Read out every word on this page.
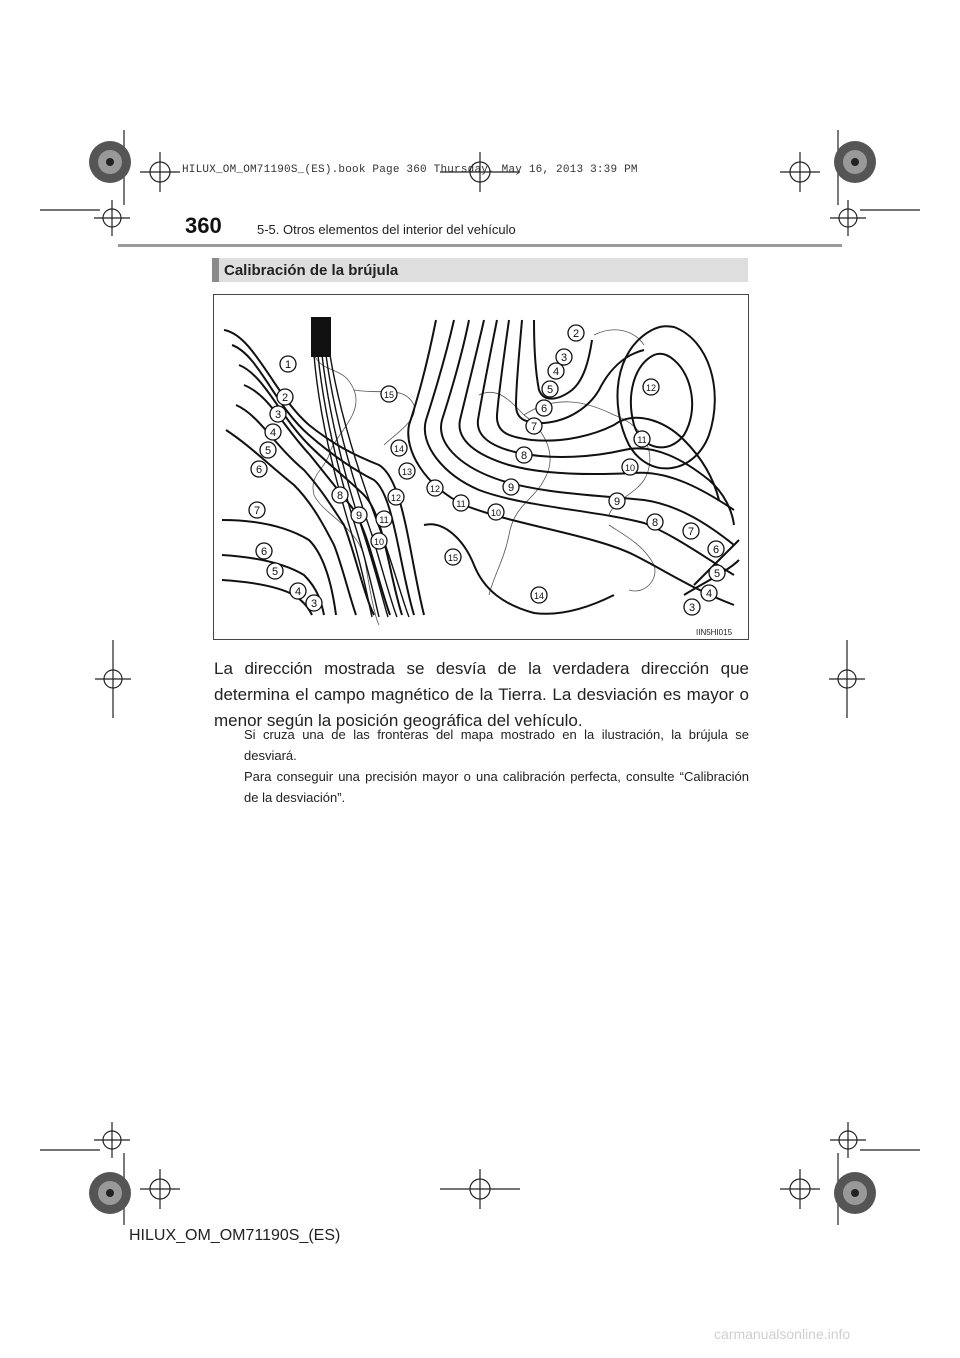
HILUX_OM_OM71190S_(ES).book Page 360 Thursday, May 16, 2013 3:39 PM
360	5-5. Otros elementos del interior del vehículo
Calibración de la brújula
1
2
3
4
5
6
7
6
5
4
3
15
14
13
8	12
9 11
10
12
11
10
9
8
7
6
5
4
3
2
15
14
12
11
10
9
8
7
6
5
4
3
IIN5HI015
La dirección mostrada se desvía de la verdadera dirección que determina el campo magnético de la Tierra. La desviación es mayor o menor según la posición geográfica del vehículo.
Si cruza una de las fronteras del mapa mostrado en la ilustración, la brújula se desviará.
Para conseguir una precisión mayor o una calibración perfecta, consulte “Calibración de la desviación”.
HILUX_OM_OM71190S_(ES)
carmanualsonline.info
